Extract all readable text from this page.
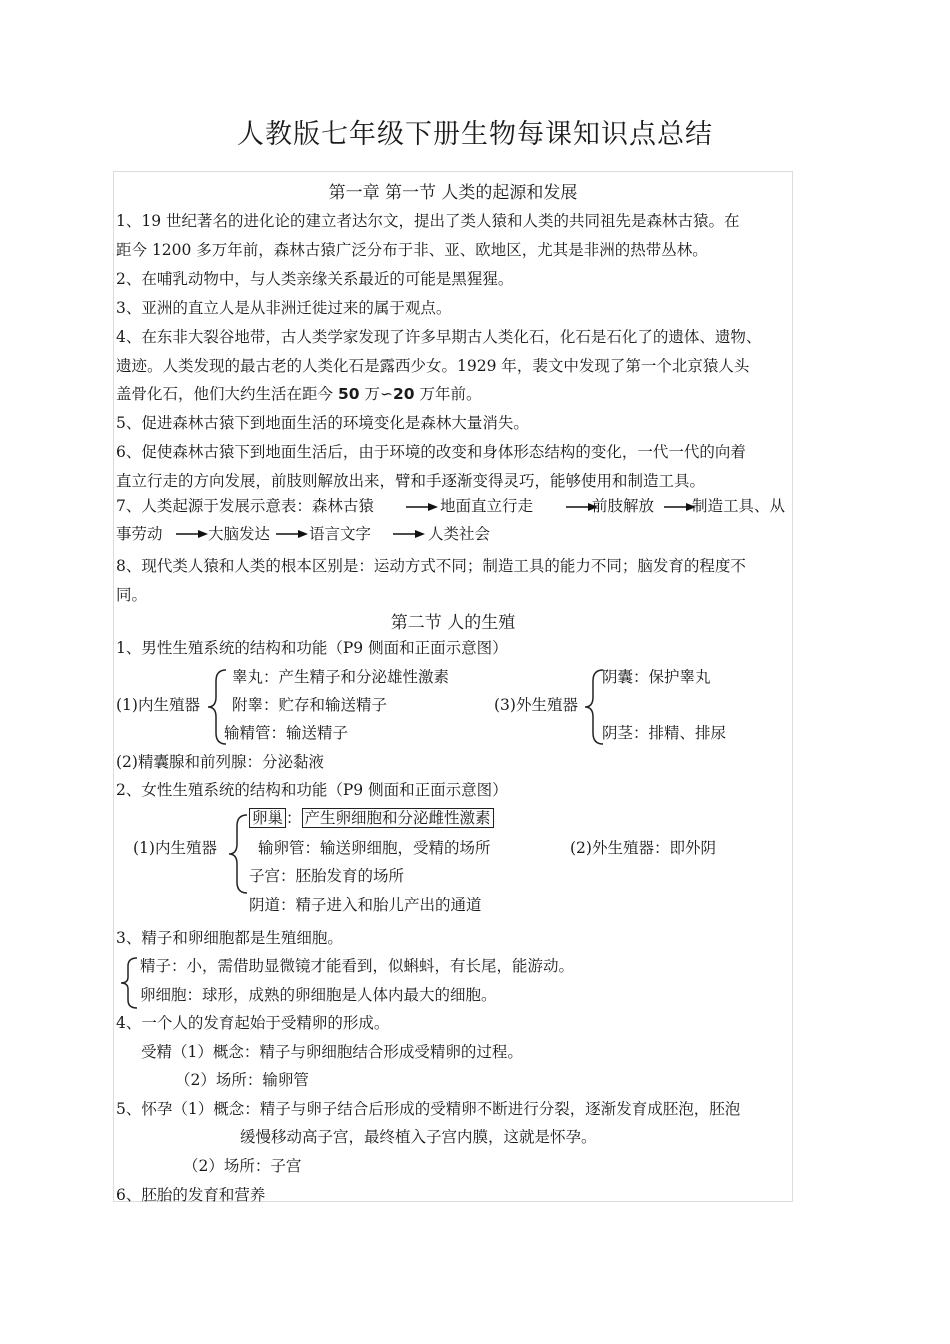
人教版七年级下册生物每课知识点总结
第一章 第一节 人类的起源和发展
1、19 世纪著名的进化论的建立者达尔文，提出了类人猿和人类的共同祖先是森林古猿。在
距今 1200 多万年前，森林古猿广泛分布于非、亚、欧地区，尤其是非洲的热带丛林。
2、在哺乳动物中，与人类亲缘关系最近的可能是黑猩猩。
3、亚洲的直立人是从非洲迁徙过来的属于观点。
4、在东非大裂谷地带，古人类学家发现了许多早期古人类化石，化石是石化了的遗体、遗物、
遗迹。人类发现的最古老的人类化石是露西少女。1929 年，裴文中发现了第一个北京猿人头
盖骨化石，他们大约生活在距今 50 万∽20 万年前。
5、促进森林古猿下到地面生活的环境变化是森林大量消失。
6、促使森林古猿下到地面生活后，由于环境的改变和身体形态结构的变化，一代一代的向着
直立行走的方向发展，前肢则解放出来，臂和手逐渐变得灵巧，能够使用和制造工具。
7、人类起源于发展示意表：森林古猿	地面直立行走	前肢解放 制造工具、从
事劳动	大脑发达	语言文字	人类社会
8、现代类人猿和人类的根本区别是：运动方式不同；制造工具的能力不同；脑发育的程度不
同。
第二节 人的生殖
1、男性生殖系统的结构和功能（P9 侧面和正面示意图）
(1)内生殖器
睾丸：产生精子和分泌雄性激素
附睾：贮存和输送精子
输精管：输送精子
(3)外生殖器
阴囊：保护睾丸
阴茎：排精、排尿
(2)精囊腺和前列腺：分泌黏液
2、女性生殖系统的结构和功能（P9 侧面和正面示意图）
(1)内生殖器
卵巢 ： 产生卵细胞和分泌雌性激素
输卵管：输送卵细胞，受精的场所
子宫：胚胎发育的场所
阴道：精子进入和胎儿产出的通道
(2)外生殖器：即外阴
3、精子和卵细胞都是生殖细胞。
精子：小，需借助显微镜才能看到，似蝌蚪，有长尾，能游动。
卵细胞：球形，成熟的卵细胞是人体内最大的细胞。
4、一个人的发育起始于受精卵的形成。
受精（1）概念：精子与卵细胞结合形成受精卵的过程。
（2）场所：输卵管
5、怀孕（1）概念：精子与卵子结合后形成的受精卵不断进行分裂，逐渐发育成胚泡，胚泡
缓慢移动高子宫，最终植入子宫内膜，这就是怀孕。
（2）场所：子宫
6、胚胎的发育和营养
